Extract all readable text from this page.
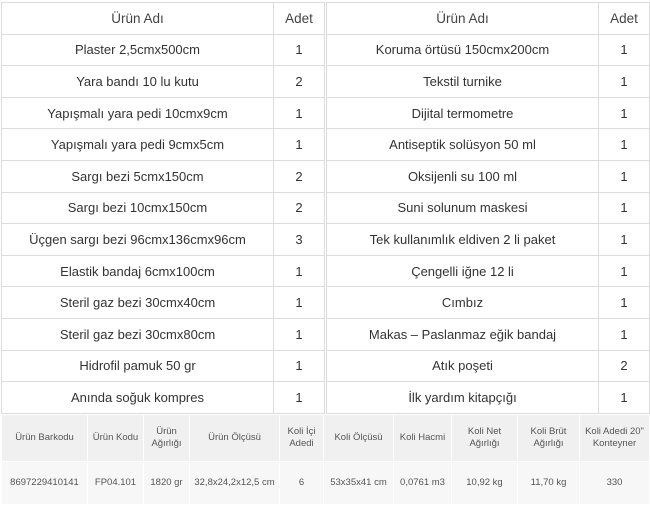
Ürün Adı	Adet
Plaster 2,5cmx500cm	1
Yara bandı 10 lu kutu	2
Yapışmalı yara pedi 10cmx9cm	1
Yapışmalı yara pedi 9cmx5cm	1
Sargı bezi 5cmx150cm	2
Sargı bezi 10cmx150cm	2
Üçgen sargı bezi 96cmx136cmx96cm	3
Elastik bandaj 6cmx100cm	1
Steril gaz bezi 30cmx40cm	1
Steril gaz bezi 30cmx80cm	1
Hidrofil pamuk 50 gr	1
Anında soğuk kompres	1
Ürün Adı	Adet
Koruma örtüsü 150cmx200cm	1
Tekstil turnike	1
Dijital termometre	1
Antiseptik solüsyon 50 ml	1
Oksijenli su 100 ml	1
Suni solunum maskesi	1
Tek kullanımlık eldiven 2 li paket	1
Çengelli iğne 12 li	1
Cımbız	1
Makas – Paslanmaz eğik bandaj	1
Atık poşeti	2
İlk yardım kitapçığı	1
Ürün Barkodu	Ürün Kodu	Ürün Ağırlığı	Ürün Ölçüsü	Koli İçi Adedi	Koli Ölçüsü	Koli Hacmi	Koli Net Ağırlığı	Koli Brüt Ağırlığı	Koli Adedi 20" Konteyner
8697229410141	FP04.101	1820 gr	32,8x24,2x12,5 cm	6	53x35x41 cm	0,0761 m3	10,92 kg	11,70 kg	330
